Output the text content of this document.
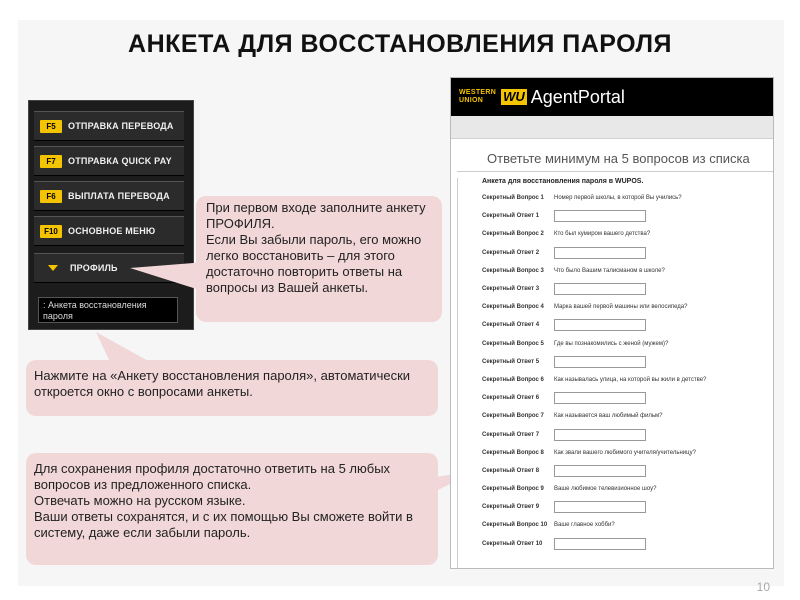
АНКЕТА ДЛЯ ВОССТАНОВЛЕНИЯ ПАРОЛЯ
F5	ОТПРАВКА ПЕРЕВОДА
F7	ОТПРАВКА QUICK PAY
F6	ВЫПЛАТА ПЕРЕВОДА
F10	ОСНОВНОЕ МЕНЮ
ПРОФИЛЬ
: Анкета восстановления пароля
При первом входе заполните анкету ПРОФИЛЯ.
Если Вы забыли пароль, его можно легко восстановить – для этого достаточно повторить ответы на вопросы из Вашей анкеты.
Нажмите на «Анкету восстановления пароля», автоматически откроется окно с вопросами анкеты.
Для сохранения профиля достаточно ответить на 5 любых вопросов из предложенного списка.
Отвечать можно на русском языке.
Ваши ответы сохранятся, и с их помощью Вы сможете войти в систему, даже если забыли пароль.
WESTERN
UNION	WU AgentPortal
Ответьте минимум на 5 вопросов из списка
Анкета для восстановления пароля в WUPOS.
Секретный Вопрос 1	Номер первой школы, в которой Вы учились?
Секретный Ответ 1
Секретный Вопрос 2	Кто был кумиром вашего детства?
Секретный Ответ 2
Секретный Вопрос 3	Что было Вашим талисманом в школе?
Секретный Ответ 3
Секретный Вопрос 4	Марка вашей первой машины или велосипеда?
Секретный Ответ 4
Секретный Вопрос 5	Где вы познакомились с женой (мужем)?
Секретный Ответ 5
Секретный Вопрос 6	Как называлась улица, на которой вы жили в детстве?
Секретный Ответ 6
Секретный Вопрос 7	Как называется ваш любимый фильм?
Секретный Ответ 7
Секретный Вопрос 8	Как звали вашего любимого учителя/учительницу?
Секретный Ответ 8
Секретный Вопрос 9	Ваше любимое телевизионное шоу?
Секретный Ответ 9
Секретный Вопрос 10	Ваше главное хобби?
Секретный Ответ 10
10
